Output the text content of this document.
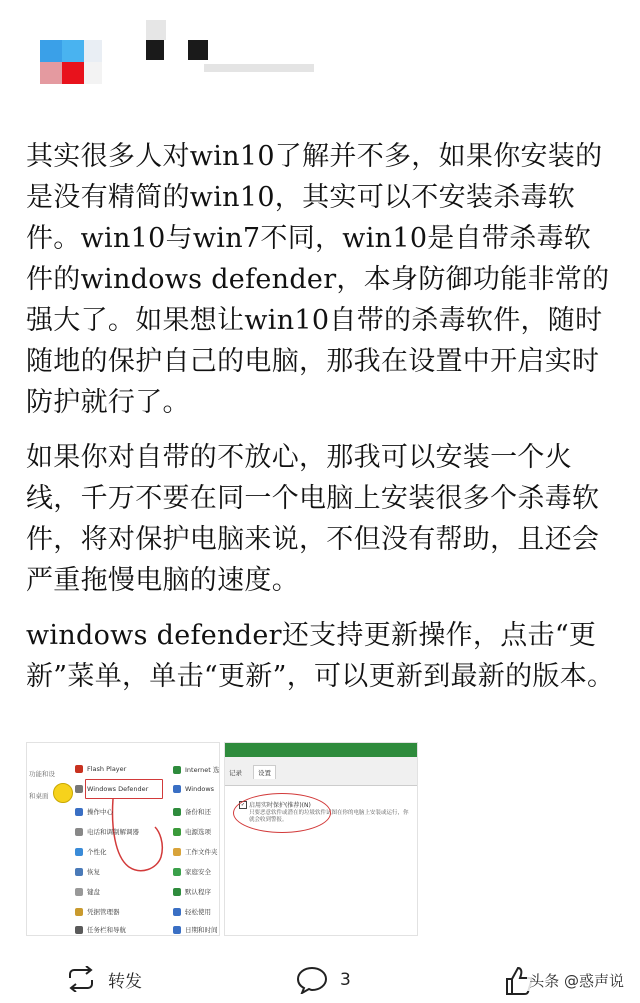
其实很多人对win10了解并不多，如果你安装的是没有精简的win10，其实可以不安装杀毒软件。win10与win7不同，win10是自带杀毒软件的windows defender，本身防御功能非常的强大了。如果想让win10自带的杀毒软件，随时随地的保护自己的电脑，那我在设置中开启实时防护就行了。

如果你对自带的不放心，那我可以安装一个火线，千万不要在同一个电脑上安装很多个杀毒软件，将对保护电脑来说，不但没有帮助，且还会严重拖慢电脑的速度。

windows defender还支持更新操作，点击“更新”菜单，单击“更新”，可以更新到最新的版本。

功能和设
和桌面
Flash Player
Windows Defender
操作中心
电话和调制解调器
个性化
恢复
键盘
凭据管理器
任务栏和导航
Internet 选
Windows
备份和还
电源选项
工作文件夹
家庭安全
默认程序
轻松使用
日期和时间
记录	设置
✓ 启用实时保护(推荐)(N)
只要恶意软件或潜在的垃圾软件试图在你的电脑上安装或运行，你就会收到警报。
转发	3	头条 @惑声说
